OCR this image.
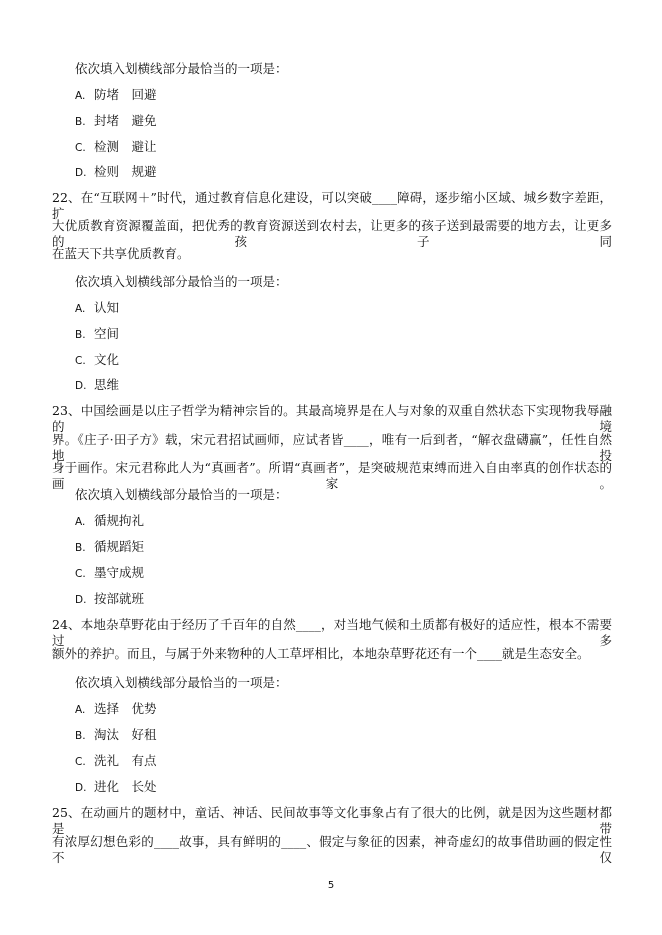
依次填入划横线部分最恰当的一项是：
A. 防堵　回避
B. 封堵　避免
C. 检测　避让
D. 检则　规避
22、在“互联网＋”时代，通过教育信息化建设，可以突破____障碍，逐步缩小区域、城乡数字差距，扩
大优质教育资源覆盖面，把优秀的教育资源送到农村去，让更多的孩子送到最需要的地方去，让更多的孩子同
在蓝天下共享优质教育。
依次填入划横线部分最恰当的一项是：
A. 认知
B. 空间
C. 文化
D. 思维
23、中国绘画是以庄子哲学为精神宗旨的。其最高境界是在人与对象的双重自然状态下实现物我辱融的境
界。《庄子·田子方》载，宋元君招试画师，应试者皆____，唯有一后到者，“解衣盘礴赢”，任性自然地投
身于画作。宋元君称此人为“真画者”。所谓“真画者”，是突破规范束缚而进入自由率真的创作状态的画家。
依次填入划横线部分最恰当的一项是：
A. 循规拘礼
B. 循规蹈矩
C. 墨守成规
D. 按部就班
24、本地杂草野花由于经历了千百年的自然____，对当地气候和土质都有极好的适应性，根本不需要过多
额外的养护。而且，与属于外来物种的人工草坪相比，本地杂草野花还有一个____就是生态安全。
依次填入划横线部分最恰当的一项是：
A. 选择　优势
B. 淘汰　好租
C. 洗礼　有点
D. 进化　长处
25、在动画片的题材中，童话、神话、民间故事等文化事象占有了很大的比例，就是因为这些题材都是带
有浓厚幻想色彩的____故事，具有鲜明的____、假定与象征的因素，神奇虚幻的故事借助画的假定性不仅
5
